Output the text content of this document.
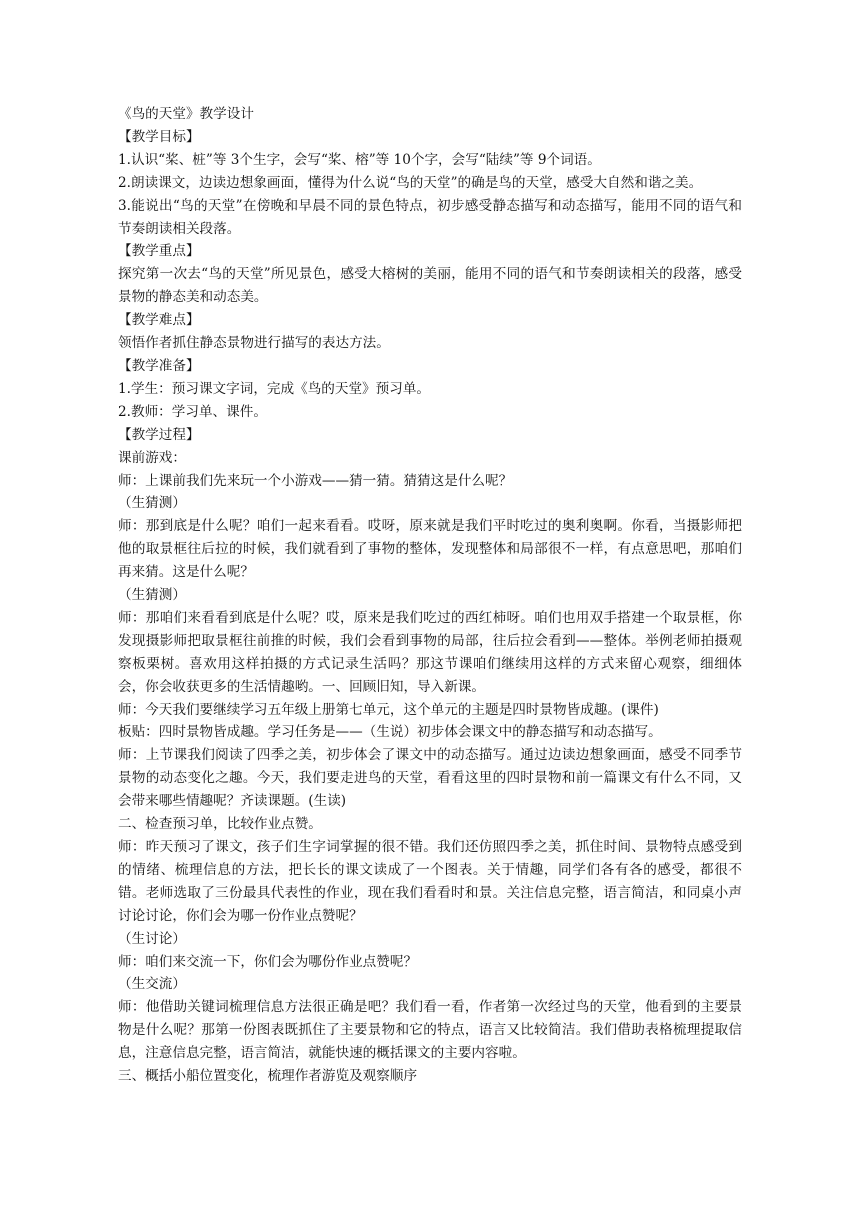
《鸟的天堂》教学设计

【教学目标】

1.认识“桨、桩”等 3个生字，会写“桨、榕”等 10个字，会写“陆续”等 9个词语。

2.朗读课文，边读边想象画面，懂得为什么说“鸟的天堂”的确是鸟的天堂，感受大自然和谐之美。

3.能说出“鸟的天堂”在傍晚和早晨不同的景色特点，初步感受静态描写和动态描写，能用不同的语气和节奏朗读相关段落。

【教学重点】

探究第一次去“鸟的天堂”所见景色，感受大榕树的美丽，能用不同的语气和节奏朗读相关的段落，感受景物的静态美和动态美。

【教学难点】

领悟作者抓住静态景物进行描写的表达方法。

【教学准备】

1.学生：预习课文字词，完成《鸟的天堂》预习单。

2.教师：学习单、课件。

【教学过程】

课前游戏：

师：上课前我们先来玩一个小游戏——猜一猜。猜猜这是什么呢？

（生猜测）

师：那到底是什么呢？咱们一起来看看。哎呀，原来就是我们平时吃过的奥利奥啊。你看，当摄影师把他的取景框往后拉的时候，我们就看到了事物的整体，发现整体和局部很不一样，有点意思吧，那咱们再来猜。这是什么呢？

（生猜测）

师：那咱们来看看到底是什么呢？哎，原来是我们吃过的西红柿呀。咱们也用双手搭建一个取景框，你发现摄影师把取景框往前推的时候，我们会看到事物的局部，往后拉会看到——整体。举例老师拍摄观察板栗树。喜欢用这样拍摄的方式记录生活吗？那这节课咱们继续用这样的方式来留心观察，细细体会，你会收获更多的生活情趣哟。一、回顾旧知，导入新课。

师：今天我们要继续学习五年级上册第七单元，这个单元的主题是四时景物皆成趣。(课件)

板贴：四时景物皆成趣。学习任务是——（生说）初步体会课文中的静态描写和动态描写。

师：上节课我们阅读了四季之美，初步体会了课文中的动态描写。通过边读边想象画面，感受不同季节景物的动态变化之趣。今天，我们要走进鸟的天堂，看看这里的四时景物和前一篇课文有什么不同，又会带来哪些情趣呢？齐读课题。(生读)

二、检查预习单，比较作业点赞。

师：昨天预习了课文，孩子们生字词掌握的很不错。我们还仿照四季之美，抓住时间、景物特点感受到的情绪、梳理信息的方法，把长长的课文读成了一个图表。关于情趣，同学们各有各的感受，都很不错。老师选取了三份最具代表性的作业，现在我们看看时和景。关注信息完整，语言简洁，和同桌小声讨论讨论，你们会为哪一份作业点赞呢？

（生讨论）

师：咱们来交流一下，你们会为哪份作业点赞呢？

（生交流）

师：他借助关键词梳理信息方法很正确是吧？我们看一看，作者第一次经过鸟的天堂，他看到的主要景物是什么呢？那第一份图表既抓住了主要景物和它的特点，语言又比较简洁。我们借助表格梳理提取信息，注意信息完整，语言简洁，就能快速的概括课文的主要内容啦。

三、概括小船位置变化，梳理作者游览及观察顺序
